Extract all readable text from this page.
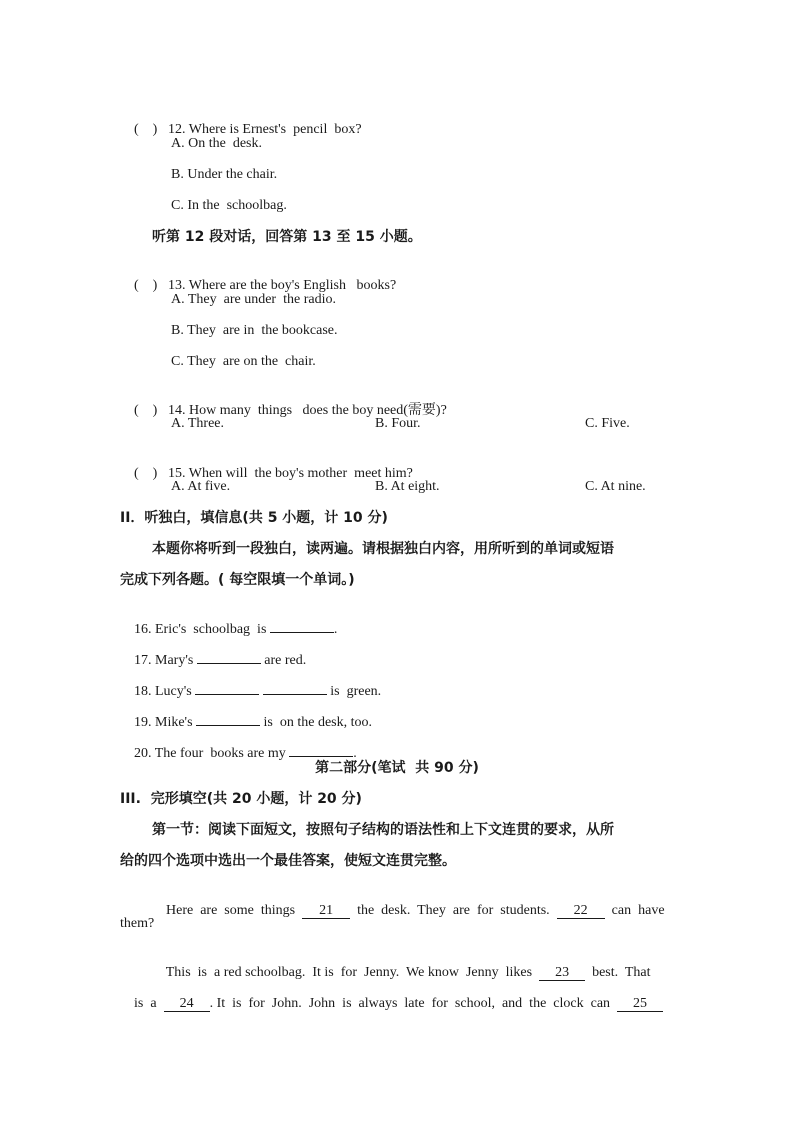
(    ) 12. Where is Ernest's  pencil  box?

A. On the  desk.
B. Under the chair.
C. In the  schoolbag.
听第 12 段对话，回答第 13 至 15 小题。

(    ) 13. Where are the boy's English   books?

A. They  are under  the radio.
B. They  are in  the bookcase.
C. They  are on the  chair.

(    ) 14. How many  things   does the boy need(需要)?

A. Three.	B. Four.	C. Five.

(    ) 15. When will  the boy's mother  meet him?

A. At five.	B. At eight.	C. At nine.
II．听独白，填信息(共 5 小题，计 10 分)
本题你将听到一段独白，读两遍。请根据独白内容，用所听到的单词或短语
完成下列各题。( 每空限填一个单词。)

16. Eric's  schoolbag  is	.

17. Mary's	are red.

18. Lucy's	is  green.

19. Mike's	is  on the desk, too.

20. The four  books are my	.

第二部分(笔试  共 90 分)
III.  完形填空(共 20 小题，计 20 分)
第一节：阅读下面短文，按照句子结构的语法性和上下文连贯的要求，从所
给的四个选项中选出一个最佳答案，使短文连贯完整。

Here  are  some  things 21 the  desk.  They  are  for  students. 22 can  have

them?

This  is  a red schoolbag.  It is  for  Jenny.  We know  Jenny  likes 23 best.  That

is  a 24 . It  is  for  John.  John  is  always  late  for  school,  and  the  clock  can 25
